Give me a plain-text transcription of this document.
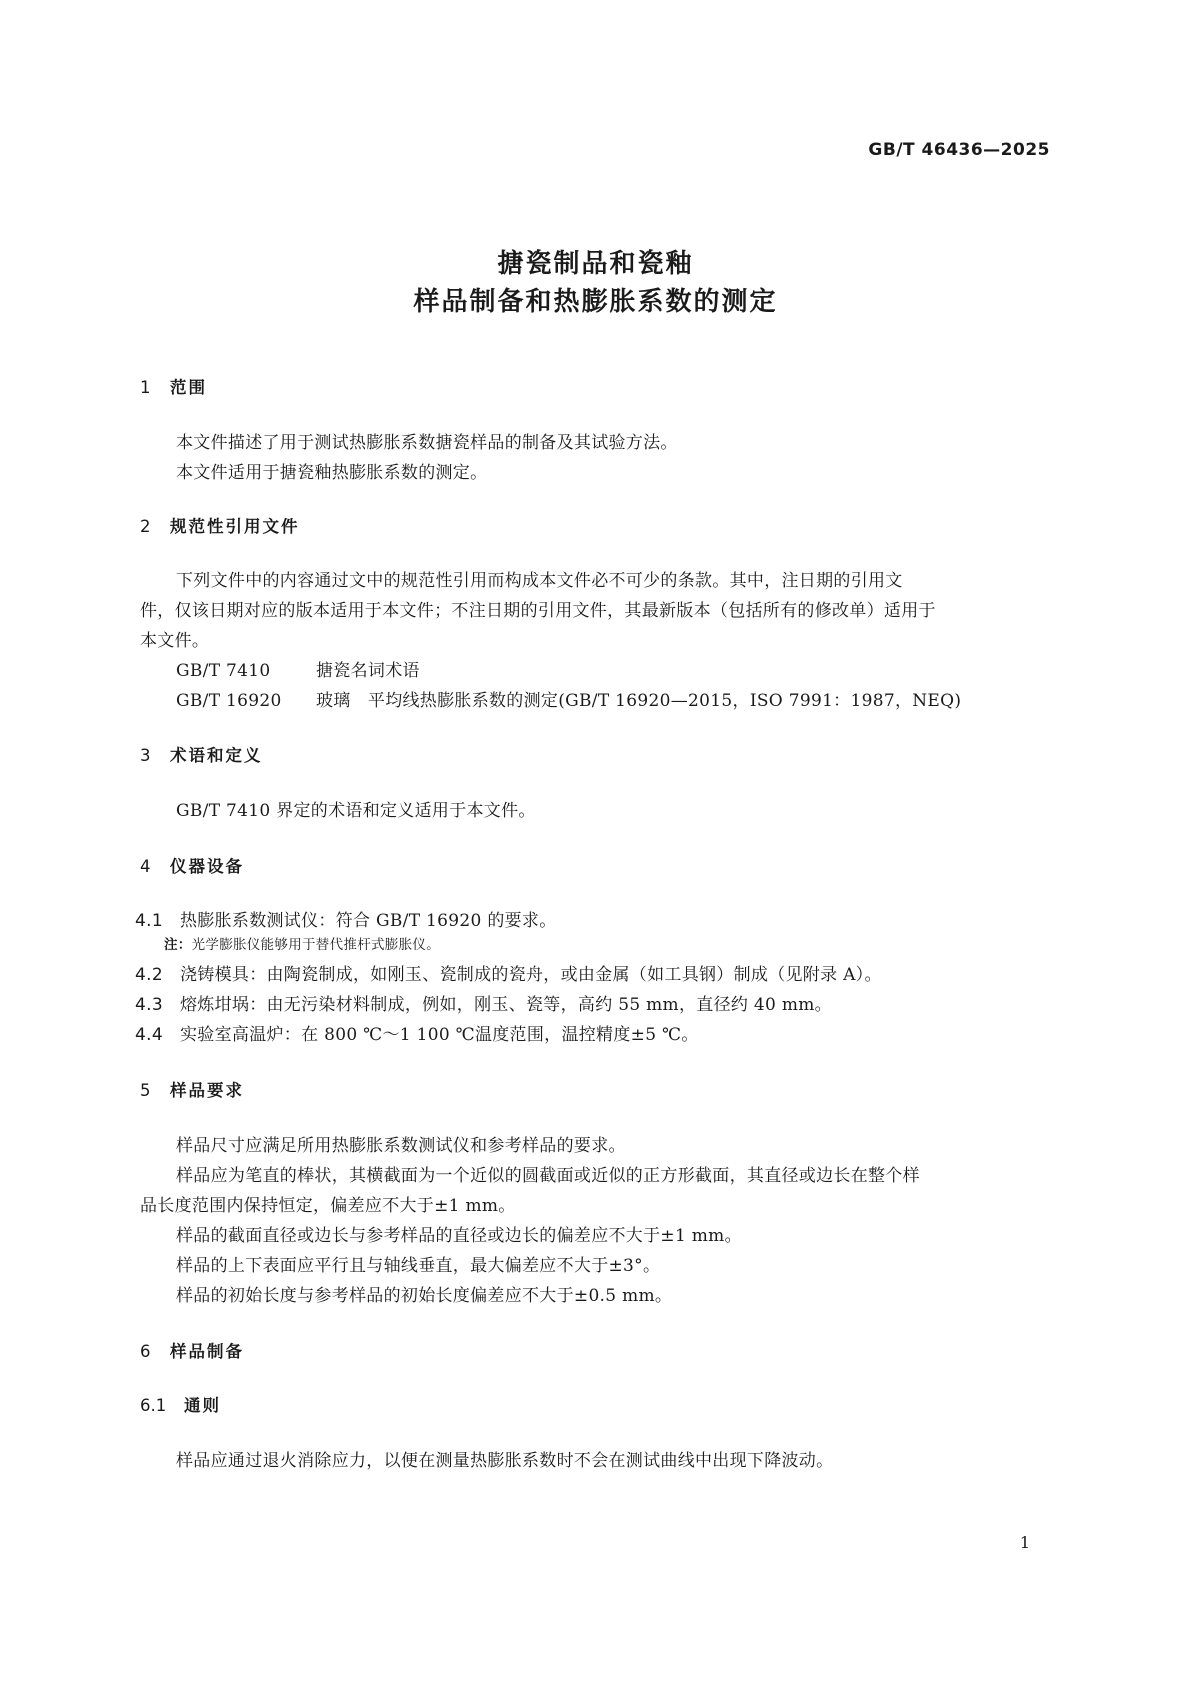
GB/T 46436—2025
搪瓷制品和瓷釉
样品制备和热膨胀系数的测定
1 范围
本文件描述了用于测试热膨胀系数搪瓷样品的制备及其试验方法。
本文件适用于搪瓷釉热膨胀系数的测定。
2 规范性引用文件
下列文件中的内容通过文中的规范性引用而构成本文件必不可少的条款。其中，注日期的引用文
件，仅该日期对应的版本适用于本文件；不注日期的引用文件，其最新版本（包括所有的修改单）适用于
本文件。
GB/T 7410	搪瓷名词术语
GB/T 16920 玻璃　平均线热膨胀系数的测定(GB/T 16920—2015，ISO 7991：1987，NEQ)
3 术语和定义
GB/T 7410 界定的术语和定义适用于本文件。
4 仪器设备
4.1 热膨胀系数测试仪：符合 GB/T 16920 的要求。
注：光学膨胀仪能够用于替代推杆式膨胀仪。
4.2 浇铸模具：由陶瓷制成，如刚玉、瓷制成的瓷舟，或由金属（如工具钢）制成（见附录 A）。
4.3 熔炼坩埚：由无污染材料制成，例如，刚玉、瓷等，高约 55 mm，直径约 40 mm。
4.4 实验室高温炉：在 800 ℃～1 100 ℃温度范围，温控精度±5 ℃。
5 样品要求
样品尺寸应满足所用热膨胀系数测试仪和参考样品的要求。
样品应为笔直的棒状，其横截面为一个近似的圆截面或近似的正方形截面，其直径或边长在整个样
品长度范围内保持恒定，偏差应不大于±1 mm。
样品的截面直径或边长与参考样品的直径或边长的偏差应不大于±1 mm。
样品的上下表面应平行且与轴线垂直，最大偏差应不大于±3°。
样品的初始长度与参考样品的初始长度偏差应不大于±0.5 mm。
6 样品制备
6.1 通则
样品应通过退火消除应力，以便在测量热膨胀系数时不会在测试曲线中出现下降波动。
1
